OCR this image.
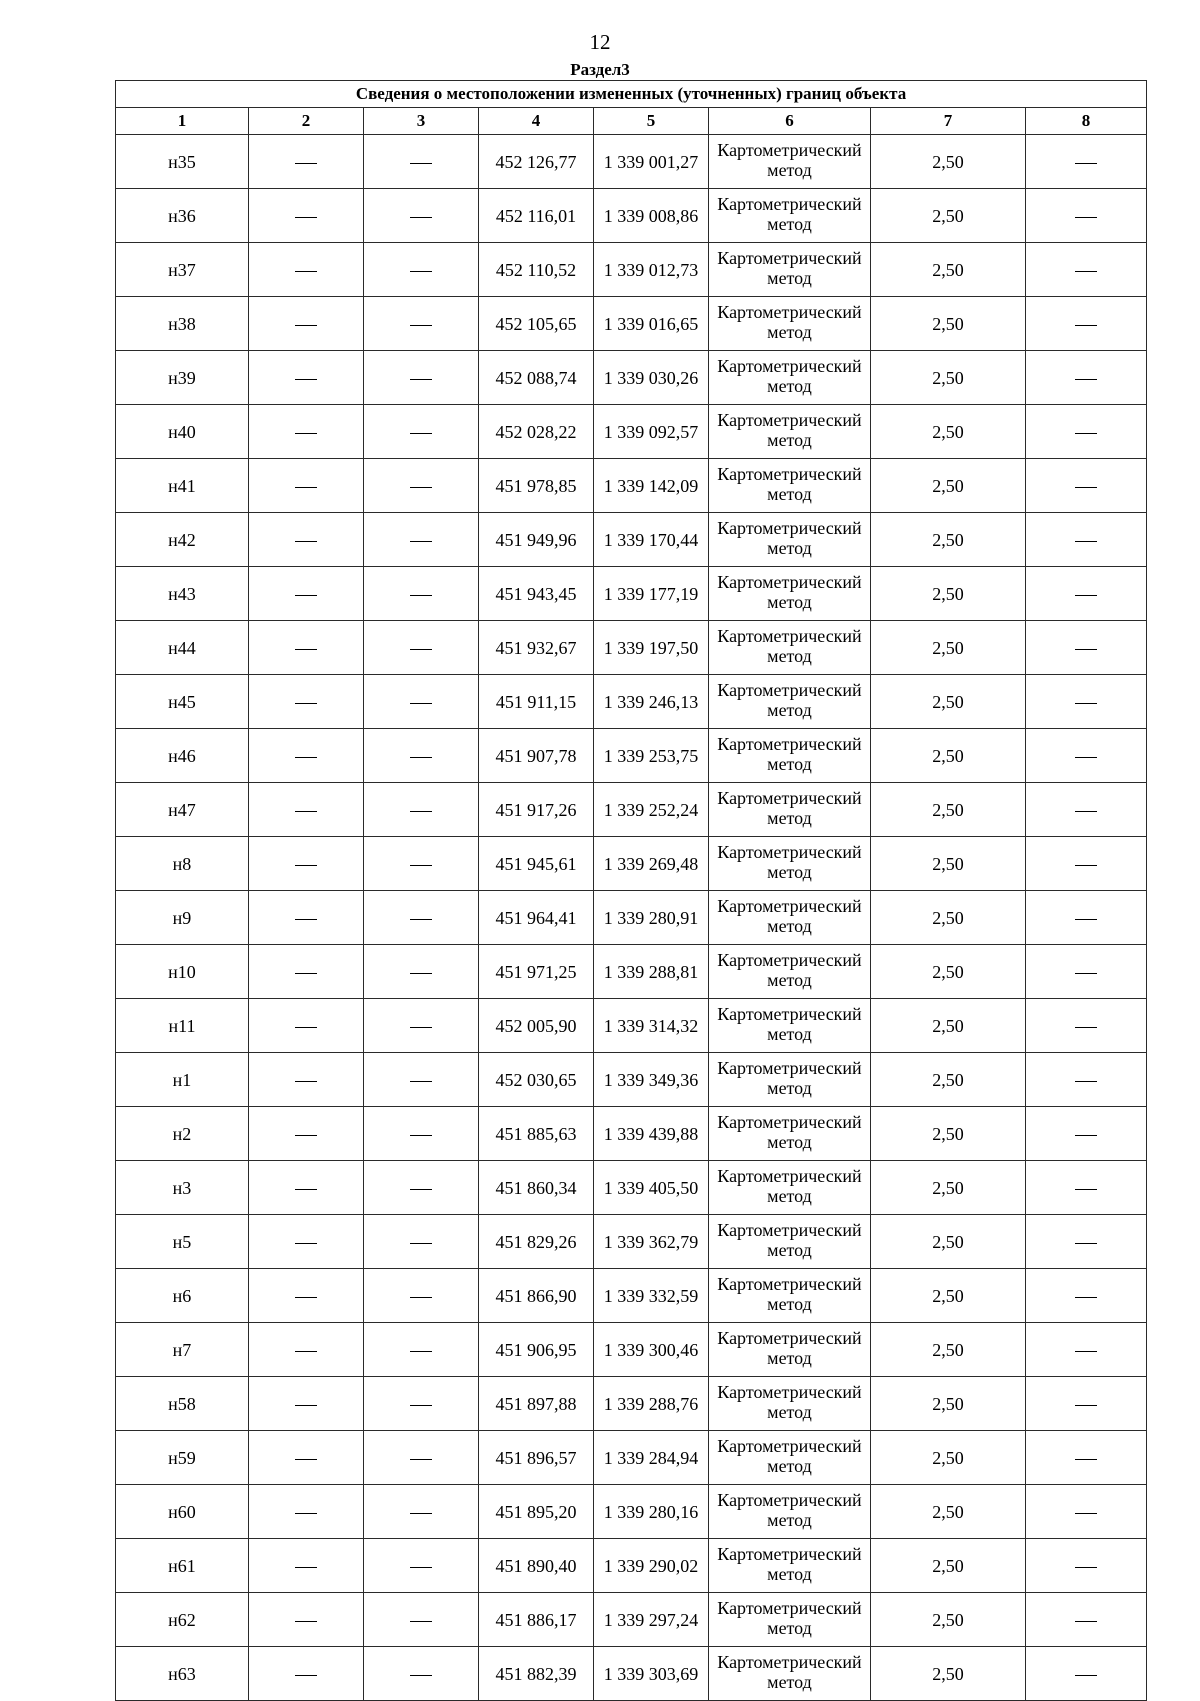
12
Раздел3
Сведения о местоположении измененных (уточненных) границ объекта							
1	2	3	4	5	6	7	8
н35			452 126,77	1 339 001,27	Картометрический метод	2,50	
н36			452 116,01	1 339 008,86	Картометрический метод	2,50	
н37			452 110,52	1 339 012,73	Картометрический метод	2,50	
н38			452 105,65	1 339 016,65	Картометрический метод	2,50	
н39			452 088,74	1 339 030,26	Картометрический метод	2,50	
н40			452 028,22	1 339 092,57	Картометрический метод	2,50	
н41			451 978,85	1 339 142,09	Картометрический метод	2,50	
н42			451 949,96	1 339 170,44	Картометрический метод	2,50	
н43			451 943,45	1 339 177,19	Картометрический метод	2,50	
н44			451 932,67	1 339 197,50	Картометрический метод	2,50	
н45			451 911,15	1 339 246,13	Картометрический метод	2,50	
н46			451 907,78	1 339 253,75	Картометрический метод	2,50	
н47			451 917,26	1 339 252,24	Картометрический метод	2,50	
н8			451 945,61	1 339 269,48	Картометрический метод	2,50	
н9			451 964,41	1 339 280,91	Картометрический метод	2,50	
н10			451 971,25	1 339 288,81	Картометрический метод	2,50	
н11			452 005,90	1 339 314,32	Картометрический метод	2,50	
н1			452 030,65	1 339 349,36	Картометрический метод	2,50	
н2			451 885,63	1 339 439,88	Картометрический метод	2,50	
н3			451 860,34	1 339 405,50	Картометрический метод	2,50	
н5			451 829,26	1 339 362,79	Картометрический метод	2,50	
н6			451 866,90	1 339 332,59	Картометрический метод	2,50	
н7			451 906,95	1 339 300,46	Картометрический метод	2,50	
н58			451 897,88	1 339 288,76	Картометрический метод	2,50	
н59			451 896,57	1 339 284,94	Картометрический метод	2,50	
н60			451 895,20	1 339 280,16	Картометрический метод	2,50	
н61			451 890,40	1 339 290,02	Картометрический метод	2,50	
н62			451 886,17	1 339 297,24	Картометрический метод	2,50	
н63			451 882,39	1 339 303,69	Картометрический метод	2,50	
